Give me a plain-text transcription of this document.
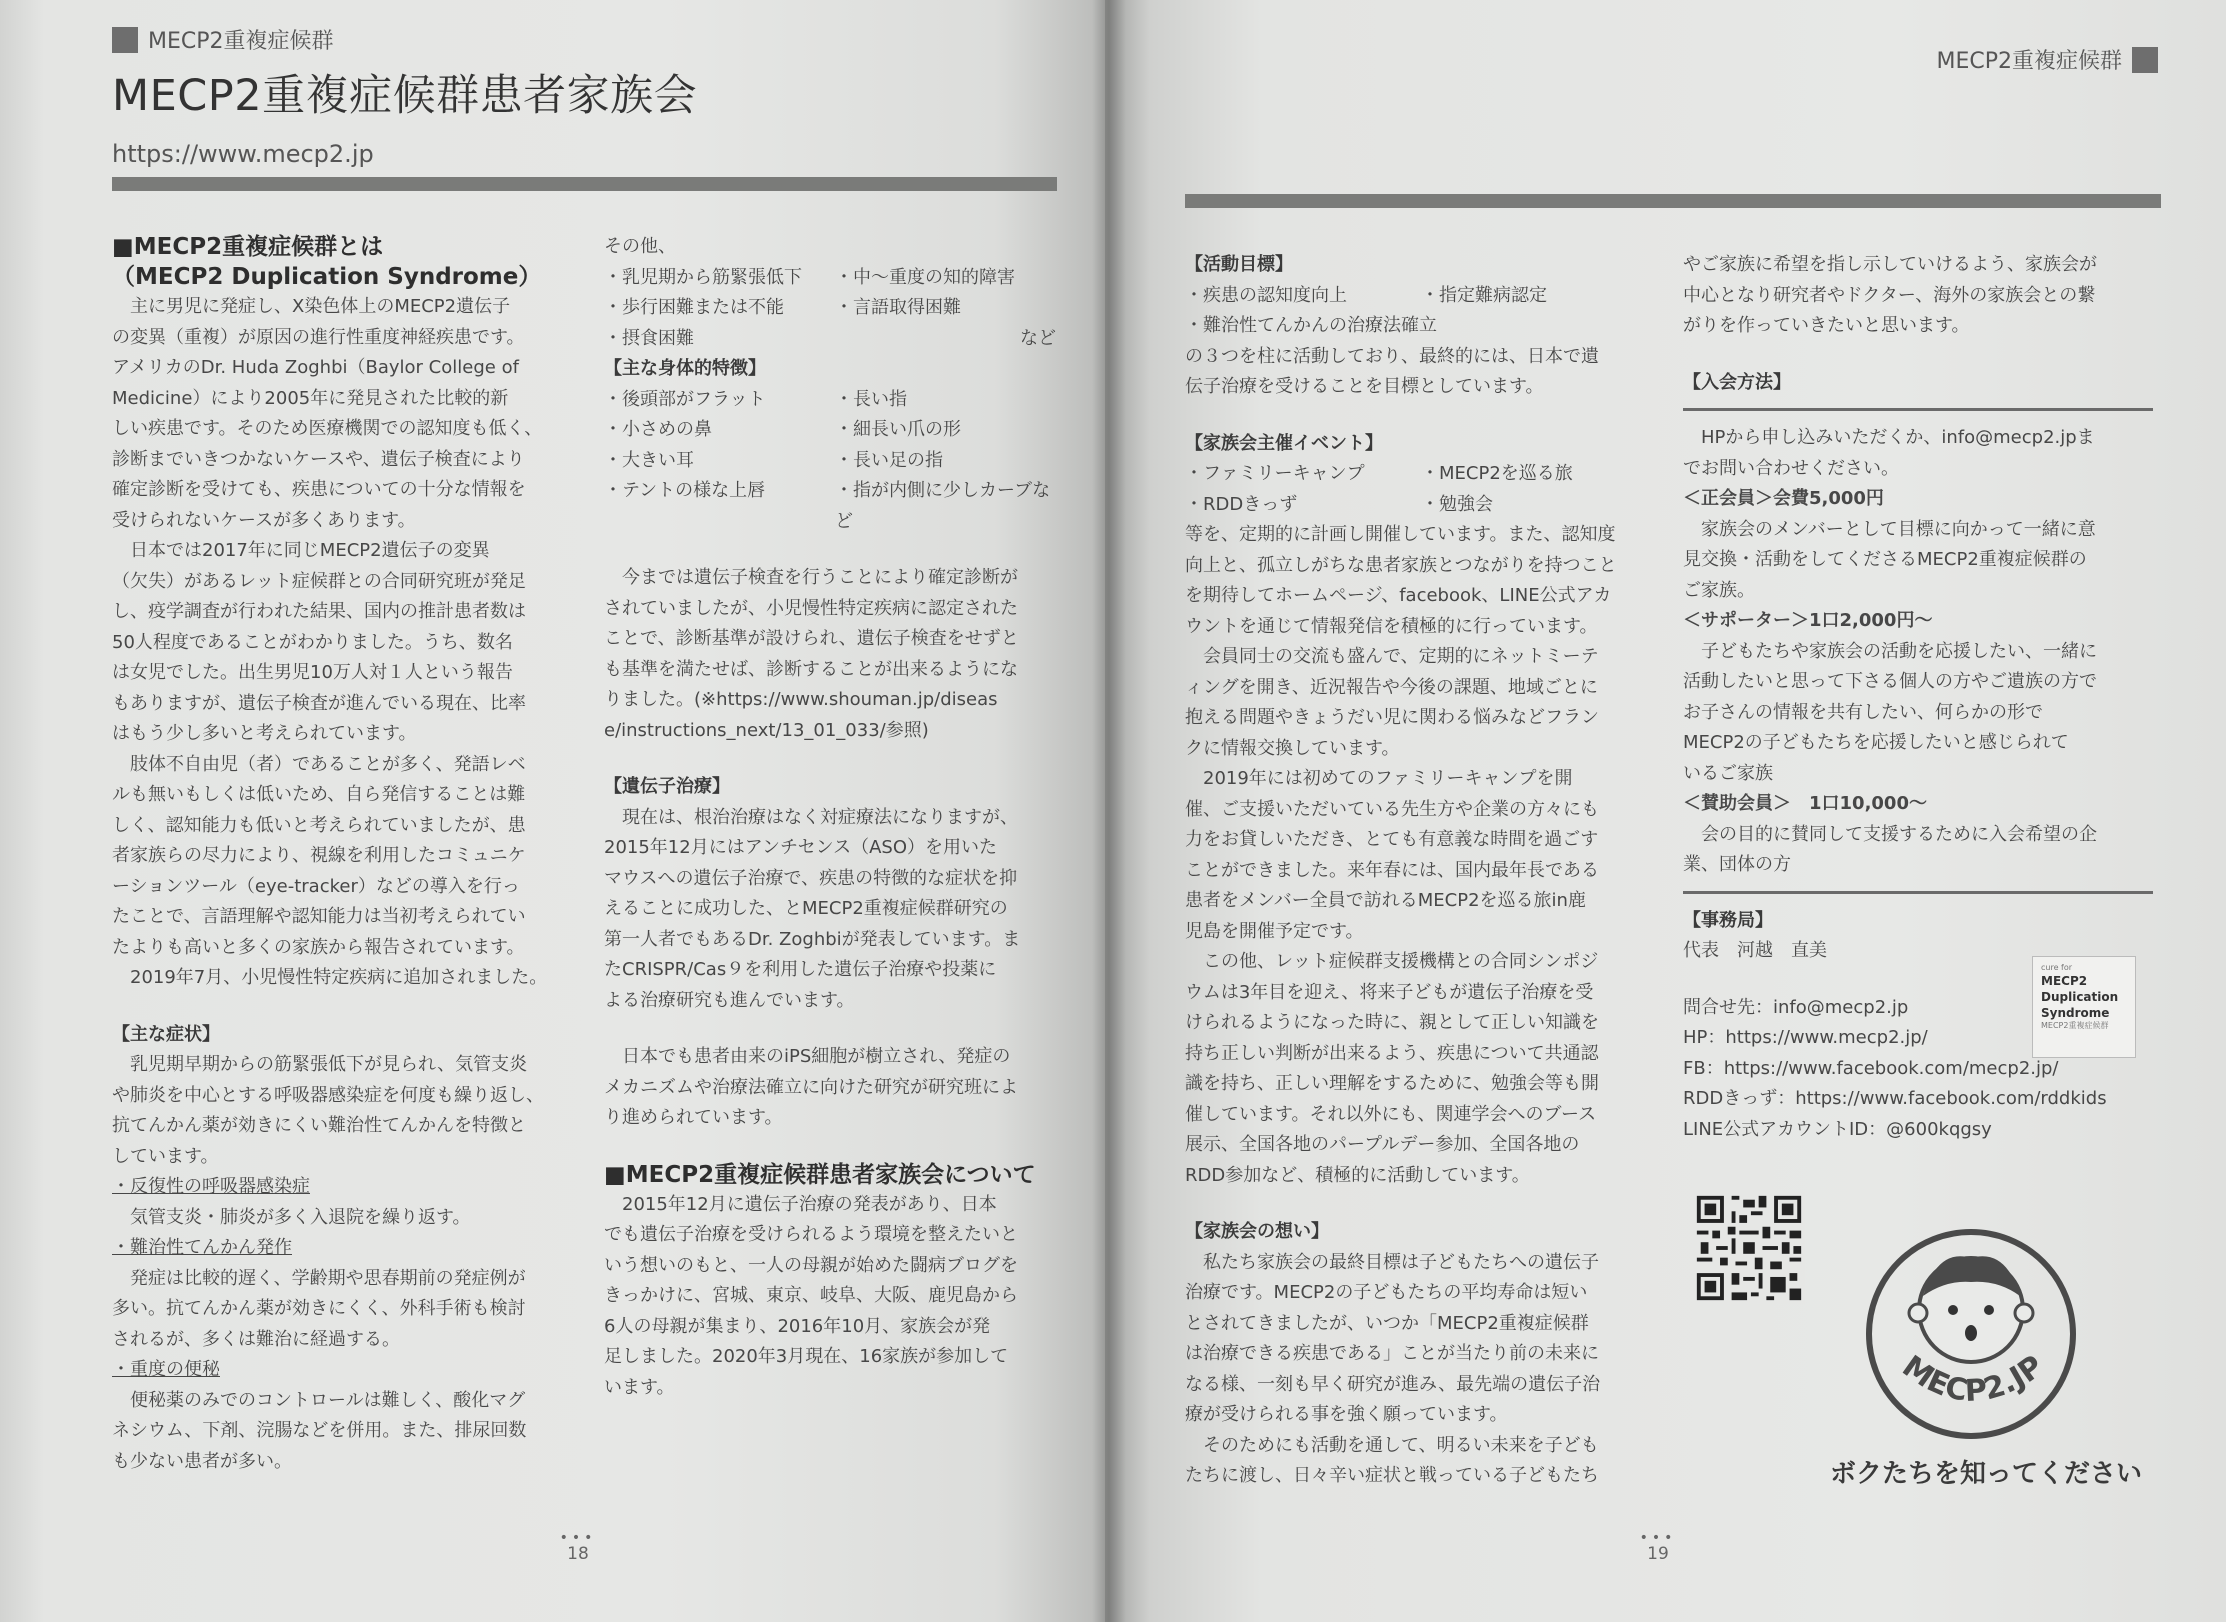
MECP2重複症候群
MECP2重複症候群患者家族会
https://www.mecp2.jp

■MECP2重複症候群とは

（MECP2 Duplication Syndrome）

主に男児に発症し、X染色体上のMECP2遺伝子

の変異（重複）が原因の進行性重度神経疾患です。

アメリカのDr. Huda Zoghbi（Baylor College of

Medicine）により2005年に発見された比較的新

しい疾患です。そのため医療機関での認知度も低く、

診断までいきつかないケースや、遺伝子検査により

確定診断を受けても、疾患についての十分な情報を

受けられないケースが多くあります。

日本では2017年に同じMECP2遺伝子の変異

（欠失）があるレット症候群との合同研究班が発足

し、疫学調査が行われた結果、国内の推計患者数は

50人程度であることがわかりました。うち、数名

は女児でした。出生男児10万人対１人という報告

もありますが、遺伝子検査が進んでいる現在、比率

はもう少し多いと考えられています。

肢体不自由児（者）であることが多く、発語レベ

ルも無いもしくは低いため、自ら発信することは難

しく、認知能力も低いと考えられていましたが、患

者家族らの尽力により、視線を利用したコミュニケ

ーションツール（eye-tracker）などの導入を行っ

たことで、言語理解や認知能力は当初考えられてい

たよりも高いと多くの家族から報告されています。

2019年7月、小児慢性特定疾病に追加されました。

【主な症状】

乳児期早期からの筋緊張低下が見られ、気管支炎

や肺炎を中心とする呼吸器感染症を何度も繰り返し、

抗てんかん薬が効きにくい難治性てんかんを特徴と

しています。

・反復性の呼吸器感染症

気管支炎・肺炎が多く入退院を繰り返す。

・難治性てんかん発作

発症は比較的遅く、学齢期や思春期前の発症例が

多い。抗てんかん薬が効きにくく、外科手術も検討

されるが、多くは難治に経過する。

・重度の便秘

便秘薬のみでのコントロールは難しく、酸化マグ

ネシウム、下剤、浣腸などを併用。また、排尿回数

も少ない患者が多い。

その他、

・乳児期から筋緊張低下	・中〜重度の知的障害
・歩行困難または不能	・言語取得困難
・摂食困難	など

【主な身体的特徴】

・後頭部がフラット	・長い指
・小さめの鼻	・細長い爪の形
・大きい耳	・長い足の指
・テントの様な上唇	・指が内側に少しカーブなど

今までは遺伝子検査を行うことにより確定診断が

されていましたが、小児慢性特定疾病に認定された

ことで、診断基準が設けられ、遺伝子検査をせずと

も基準を満たせば、診断することが出来るようにな

りました。(※https://www.shouman.jp/diseas

e/instructions_next/13_01_033/参照)

【遺伝子治療】

現在は、根治治療はなく対症療法になりますが、

2015年12月にはアンチセンス（ASO）を用いた

マウスへの遺伝子治療で、疾患の特徴的な症状を抑

えることに成功した、とMECP2重複症候群研究の

第一人者でもあるDr. Zoghbiが発表しています。ま

たCRISPR/Cas９を利用した遺伝子治療や投薬に

よる治療研究も進んでいます。

日本でも患者由来のiPS細胞が樹立され、発症の

メカニズムや治療法確立に向けた研究が研究班によ

り進められています。

■MECP2重複症候群患者家族会について

2015年12月に遺伝子治療の発表があり、日本

でも遺伝子治療を受けられるよう環境を整えたいと

いう想いのもと、一人の母親が始めた闘病ブログを

きっかけに、宮城、東京、岐阜、大阪、鹿児島から

6人の母親が集まり、2016年10月、家族会が発

足しました。2020年3月現在、16家族が参加して

います。

•••
18
MECP2重複症候群

【活動目標】

・疾患の認知度向上	・指定難病認定

・難治性てんかんの治療法確立

の３つを柱に活動しており、最終的には、日本で遺

伝子治療を受けることを目標としています。

【家族会主催イベント】

・ファミリーキャンプ	・MECP2を巡る旅
・RDDきっず	・勉強会

等を、定期的に計画し開催しています。また、認知度

向上と、孤立しがちな患者家族とつながりを持つこと

を期待してホームページ、facebook、LINE公式アカ

ウントを通じて情報発信を積極的に行っています。

会員同士の交流も盛んで、定期的にネットミーテ

ィングを開き、近況報告や今後の課題、地域ごとに

抱える問題やきょうだい児に関わる悩みなどフラン

クに情報交換しています。

2019年には初めてのファミリーキャンプを開

催、ご支援いただいている先生方や企業の方々にも

力をお貸しいただき、とても有意義な時間を過ごす

ことができました。来年春には、国内最年長である

患者をメンバー全員で訪れるMECP2を巡る旅in鹿

児島を開催予定です。

この他、レット症候群支援機構との合同シンポジ

ウムは3年目を迎え、将来子どもが遺伝子治療を受

けられるようになった時に、親として正しい知識を

持ち正しい判断が出来るよう、疾患について共通認

識を持ち、正しい理解をするために、勉強会等も開

催しています。それ以外にも、関連学会へのブース

展示、全国各地のパープルデー参加、全国各地の

RDD参加など、積極的に活動しています。

【家族会の想い】

私たち家族会の最終目標は子どもたちへの遺伝子

治療です。MECP2の子どもたちの平均寿命は短い

とされてきましたが、いつか「MECP2重複症候群

は治療できる疾患である」ことが当たり前の未来に

なる様、一刻も早く研究が進み、最先端の遺伝子治

療が受けられる事を強く願っています。

そのためにも活動を通して、明るい未来を子ども

たちに渡し、日々辛い症状と戦っている子どもたち

やご家族に希望を指し示していけるよう、家族会が

中心となり研究者やドクター、海外の家族会との繋

がりを作っていきたいと思います。

【入会方法】

HPから申し込みいただくか、info@mecp2.jpま

でお問い合わせください。

＜正会員＞会費5,000円

家族会のメンバーとして目標に向かって一緒に意

見交換・活動をしてくださるMECP2重複症候群の

ご家族。

＜サポーター＞1口2,000円〜

子どもたちや家族会の活動を応援したい、一緒に

活動したいと思って下さる個人の方やご遺族の方で

お子さんの情報を共有したい、何らかの形で

MECP2の子どもたちを応援したいと感じられて

いるご家族

＜賛助会員＞　1口10,000〜

会の目的に賛同して支援するために入会希望の企

業、団体の方

【事務局】

代表　河越　直美

問合せ先：info@mecp2.jp

HP：https://www.mecp2.jp/

FB：https://www.facebook.com/mecp2.jp/

RDDきっず：https://www.facebook.com/rddkids

LINE公式アカウントID：@600kqgsy

•••
19
cure for
MECP2
Duplication
Syndrome
MECP2重複症候群
MECP2.JP
ボクたちを知ってください
